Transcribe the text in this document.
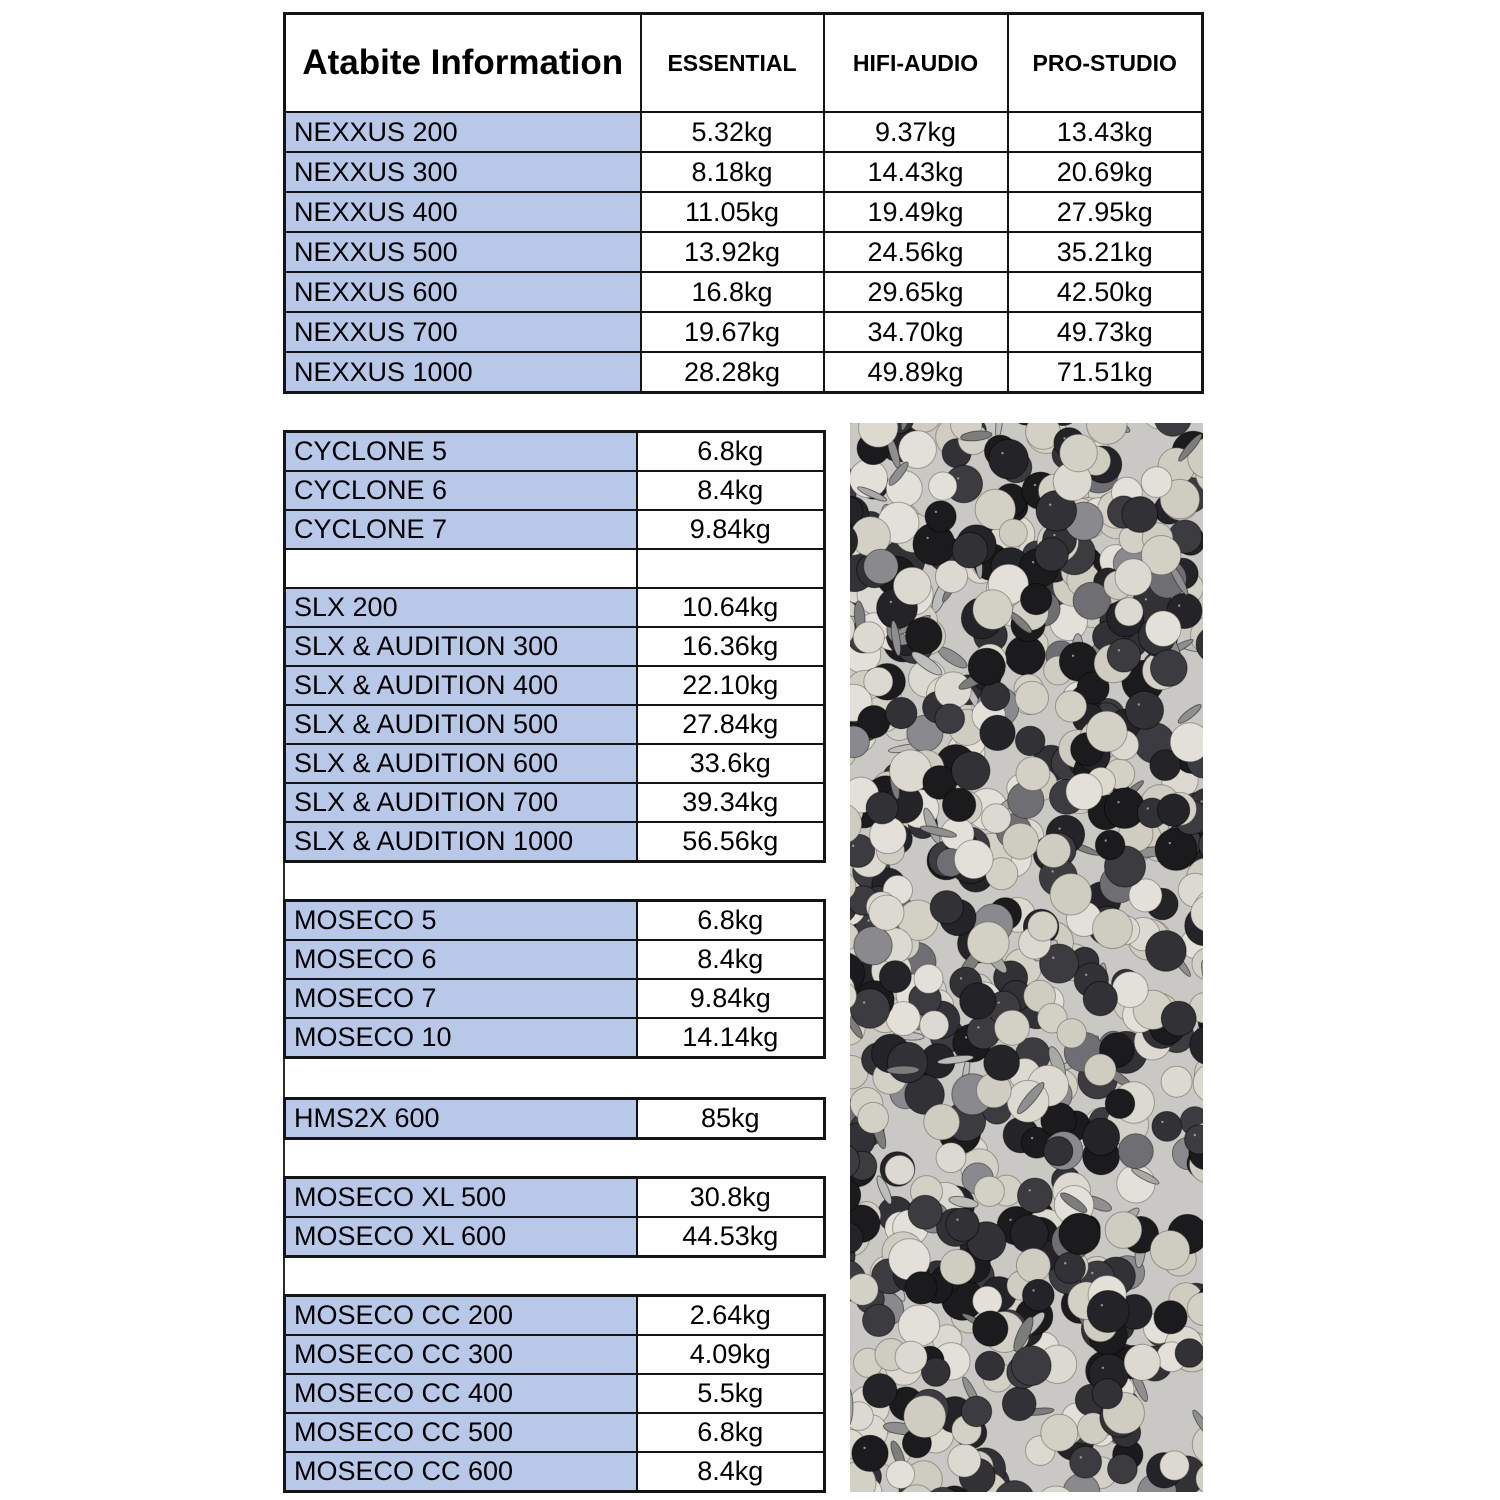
Atabite Information	ESSENTIAL	HIFI-AUDIO	PRO-STUDIO
NEXXUS 200	5.32kg	9.37kg	13.43kg
NEXXUS 300	8.18kg	14.43kg	20.69kg
NEXXUS 400	11.05kg	19.49kg	27.95kg
NEXXUS 500	13.92kg	24.56kg	35.21kg
NEXXUS 600	16.8kg	29.65kg	42.50kg
NEXXUS 700	19.67kg	34.70kg	49.73kg
NEXXUS 1000	28.28kg	49.89kg	71.51kg
CYCLONE 5	6.8kg
CYCLONE 6	8.4kg
CYCLONE 7	9.84kg

SLX 200	10.64kg
SLX & AUDITION 300	16.36kg
SLX & AUDITION 400	22.10kg
SLX & AUDITION 500	27.84kg
SLX & AUDITION 600	33.6kg
SLX & AUDITION 700	39.34kg
SLX & AUDITION 1000	56.56kg
MOSECO 5	6.8kg
MOSECO 6	8.4kg
MOSECO 7	9.84kg
MOSECO 10	14.14kg
HMS2X 600	85kg
MOSECO XL 500	30.8kg
MOSECO XL 600	44.53kg
MOSECO CC 200	2.64kg
MOSECO CC 300	4.09kg
MOSECO CC 400	5.5kg
MOSECO CC 500	6.8kg
MOSECO CC 600	8.4kg
